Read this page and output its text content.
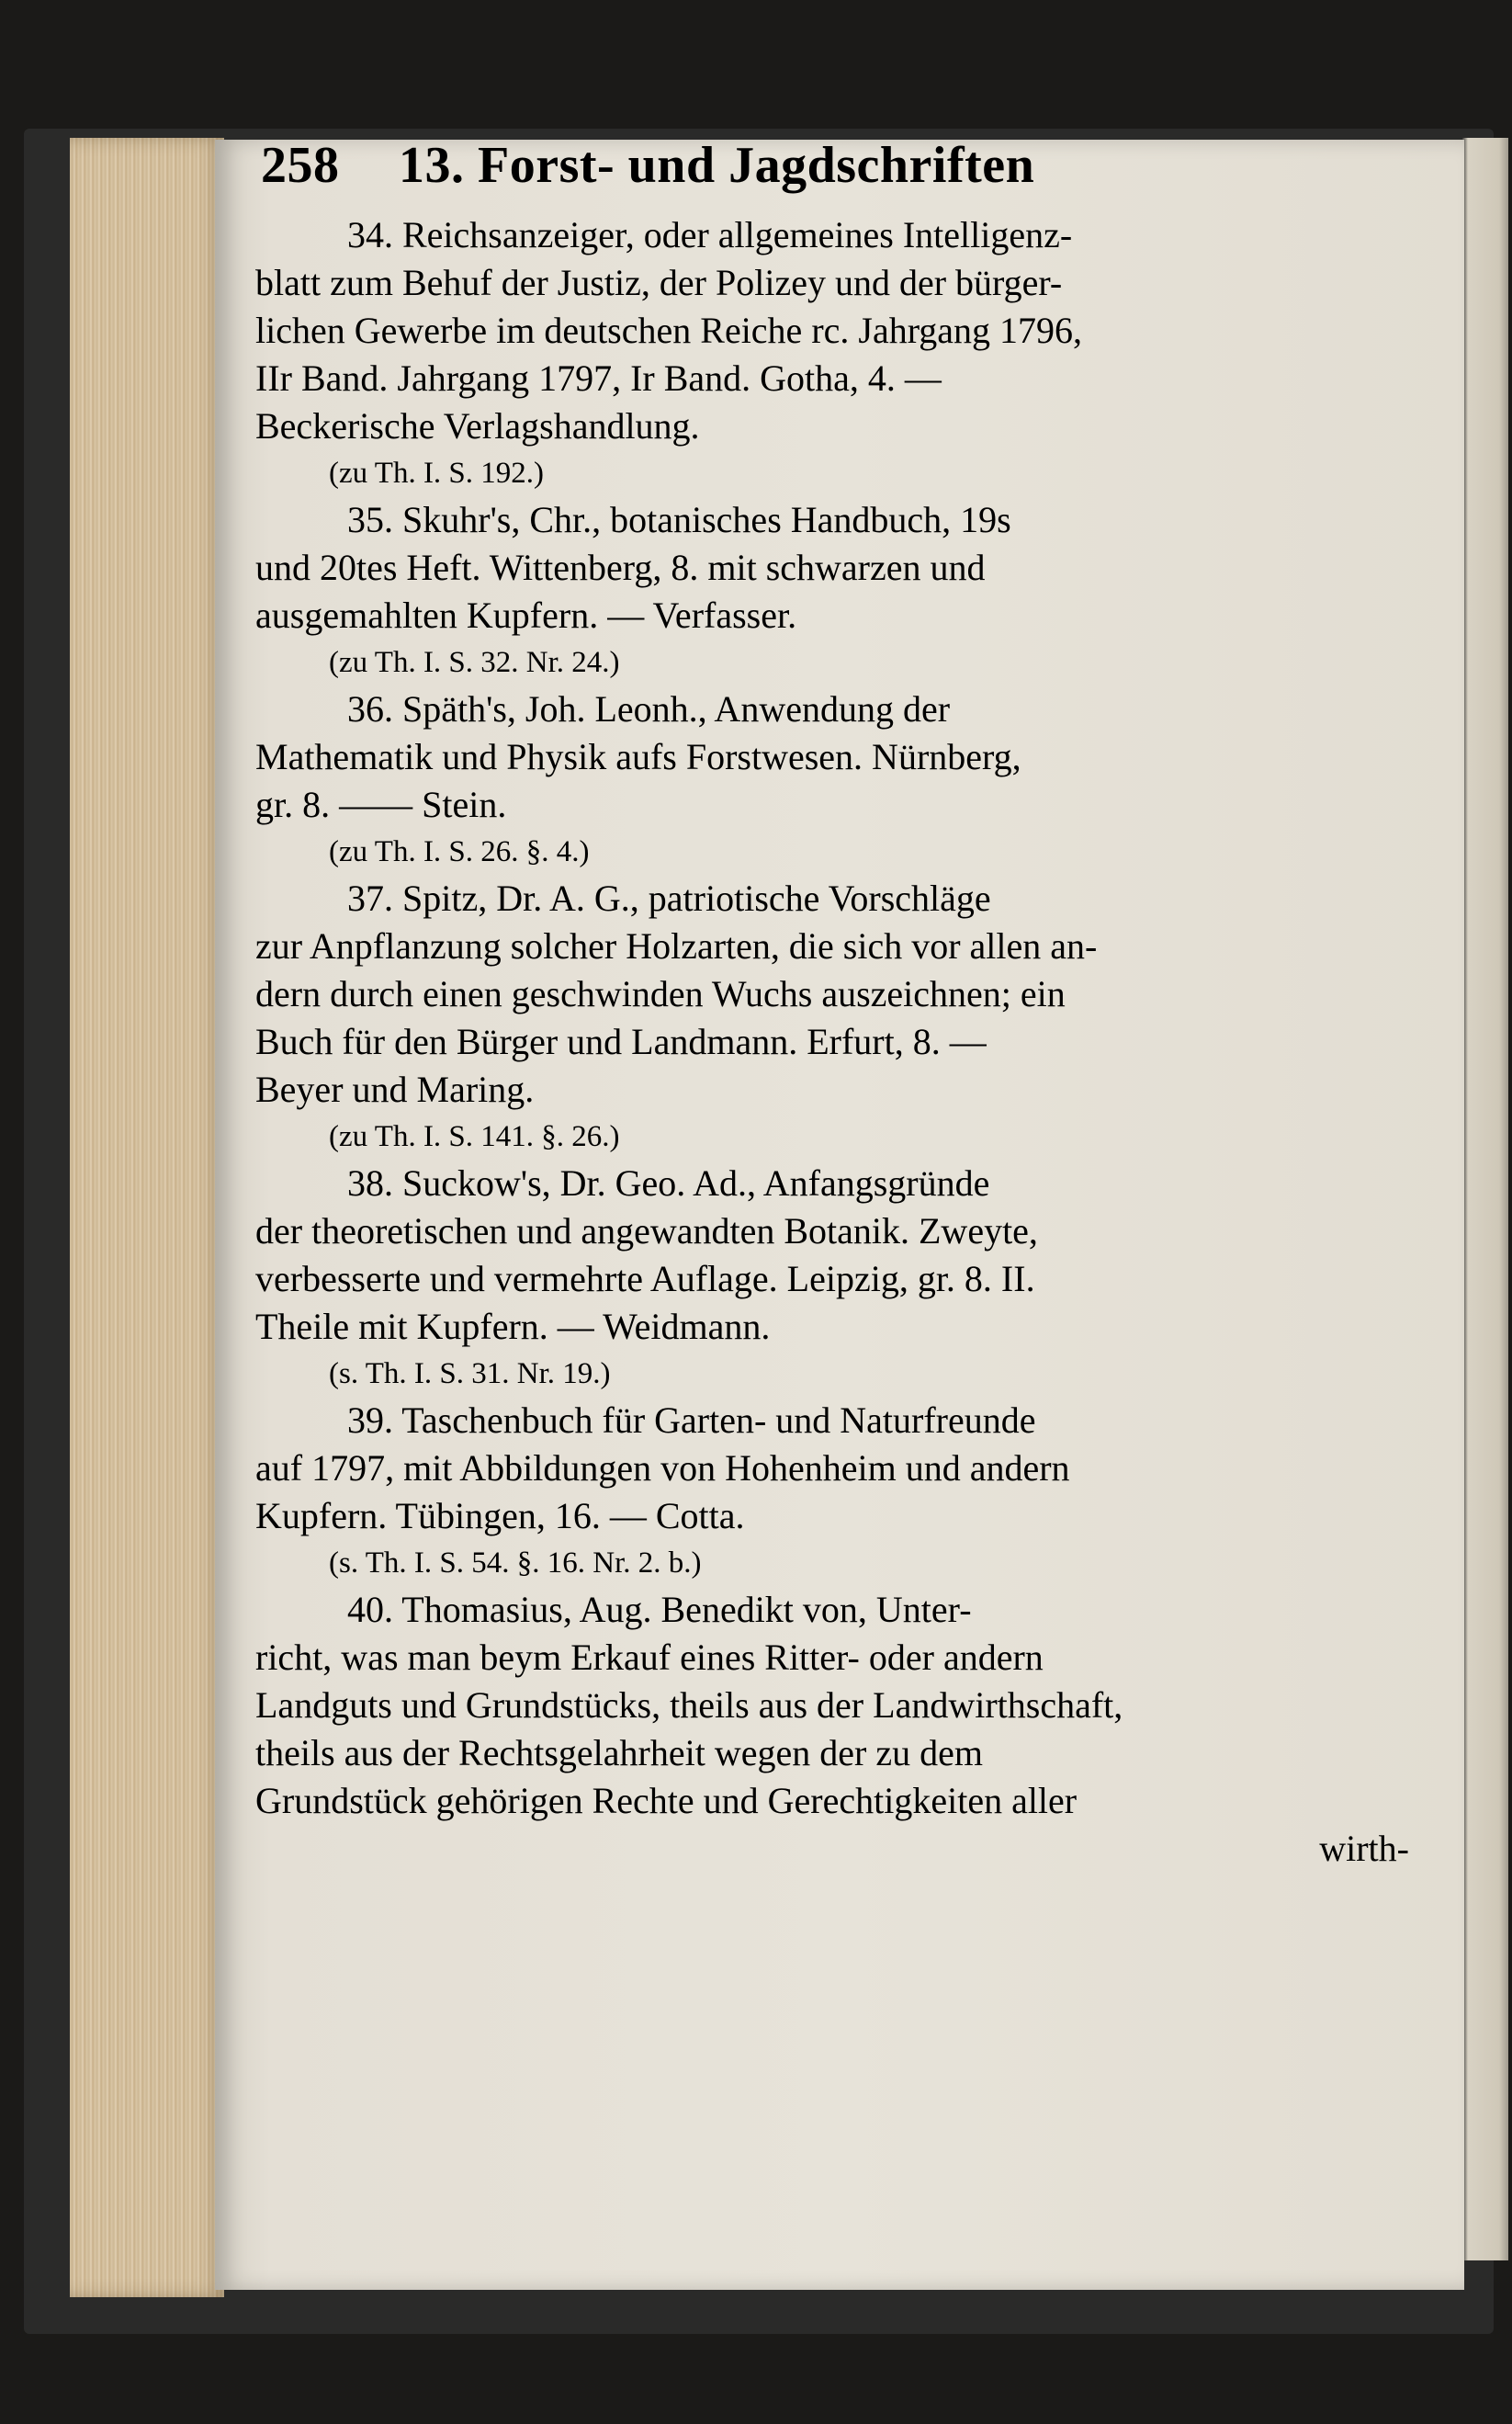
258 13. Forst- und Jagdschriften
34. Reichsanzeiger, oder allgemeines Intelligenz-
blatt zum Behuf der Justiz, der Polizey und der bürger-
lichen Gewerbe im deutschen Reiche rc. Jahrgang 1796,
IIr Band. Jahrgang 1797, Ir Band. Gotha, 4. —
Beckerische Verlagshandlung.
(zu Th. I. S. 192.)
35. Skuhr's, Chr., botanisches Handbuch, 19s
und 20tes Heft. Wittenberg, 8. mit schwarzen und
ausgemahlten Kupfern. — Verfasser.
(zu Th. I. S. 32. Nr. 24.)
36. Späth's, Joh. Leonh., Anwendung der
Mathematik und Physik aufs Forstwesen. Nürnberg,
gr. 8. —— Stein.
(zu Th. I. S. 26. §. 4.)
37. Spitz, Dr. A. G., patriotische Vorschläge
zur Anpflanzung solcher Holzarten, die sich vor allen an-
dern durch einen geschwinden Wuchs auszeichnen; ein
Buch für den Bürger und Landmann. Erfurt, 8. —
Beyer und Maring.
(zu Th. I. S. 141. §. 26.)
38. Suckow's, Dr. Geo. Ad., Anfangsgründe
der theoretischen und angewandten Botanik. Zweyte,
verbesserte und vermehrte Auflage. Leipzig, gr. 8. II.
Theile mit Kupfern. — Weidmann.
(s. Th. I. S. 31. Nr. 19.)
39. Taschenbuch für Garten- und Naturfreunde
auf 1797, mit Abbildungen von Hohenheim und andern
Kupfern. Tübingen, 16. — Cotta.
(s. Th. I. S. 54. §. 16. Nr. 2. b.)
40. Thomasius, Aug. Benedikt von, Unter-
richt, was man beym Erkauf eines Ritter- oder andern
Landguts und Grundstücks, theils aus der Landwirthschaft,
theils aus der Rechtsgelahrheit wegen der zu dem
Grundstück gehörigen Rechte und Gerechtigkeiten aller
wirth-
